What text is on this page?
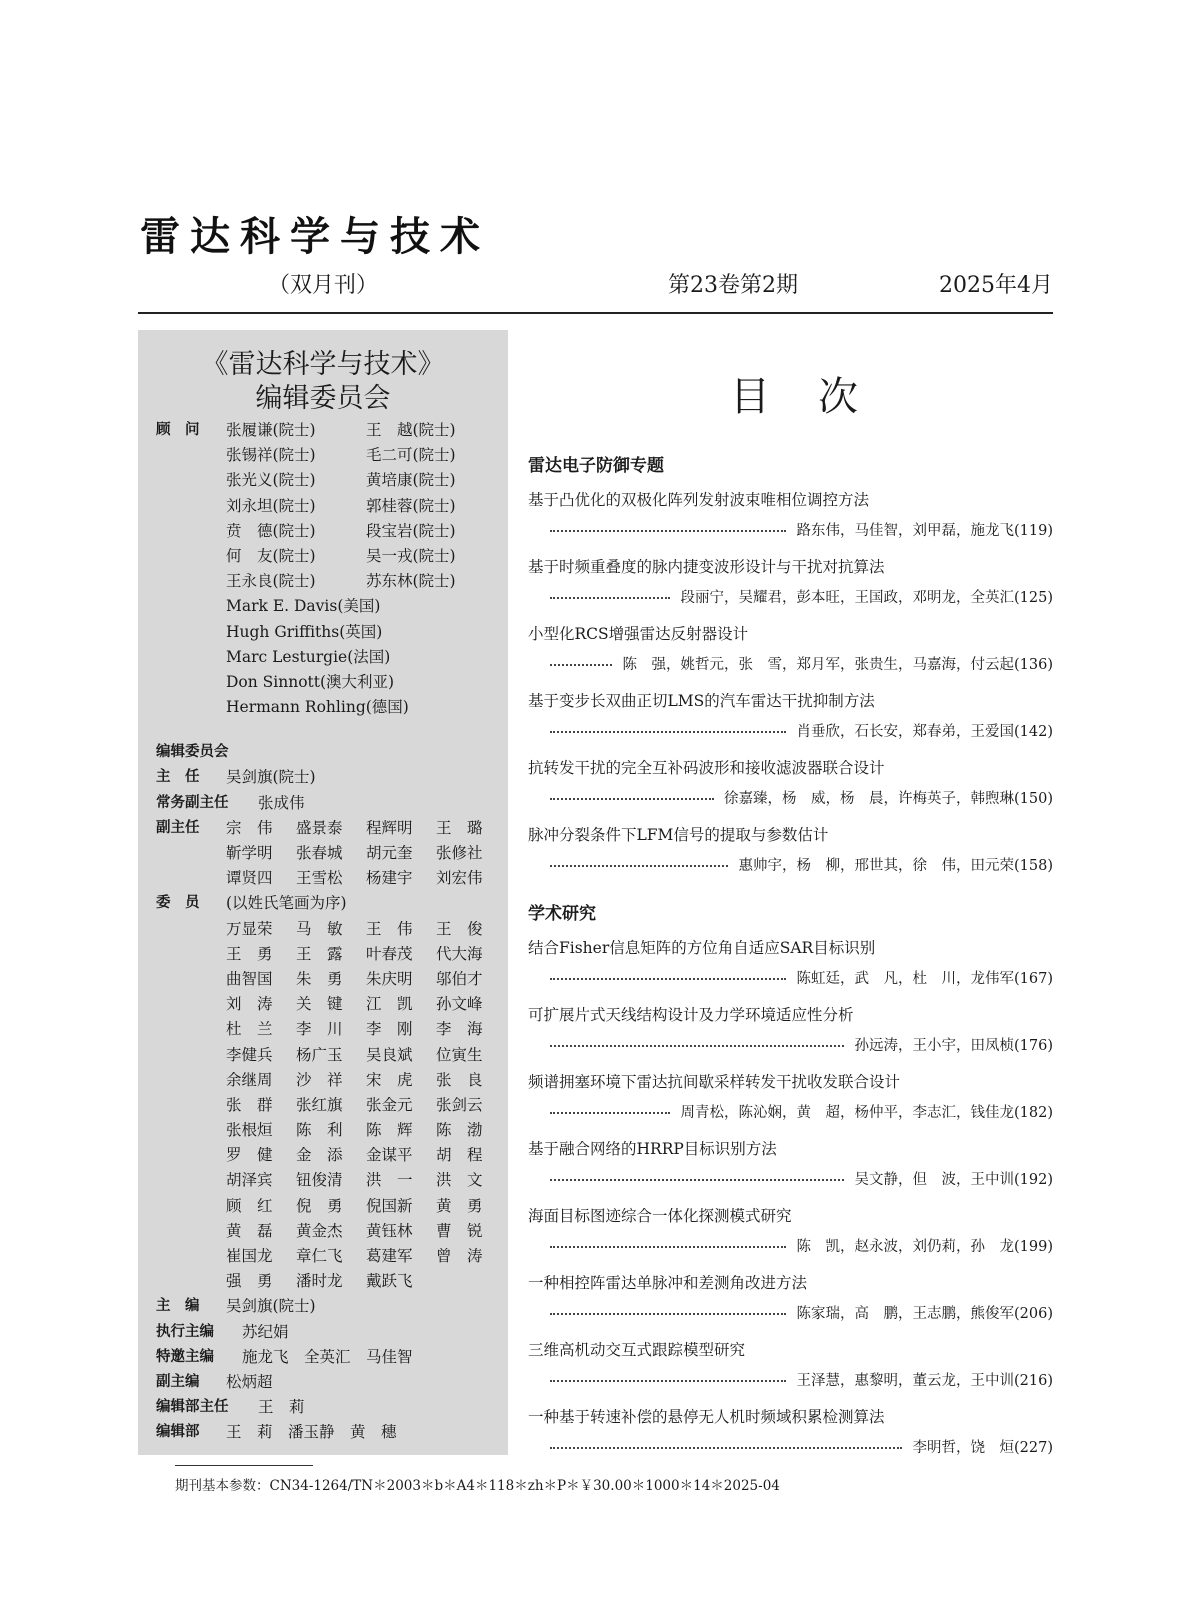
雷达科学与技术
（双月刊）	第23卷第2期	2025年4月
《雷达科学与技术》
编辑委员会
顾　问 张履谦(院士)	王　越(院士)
张锡祥(院士)	毛二可(院士)
张光义(院士)	黄培康(院士)
刘永坦(院士)	郭桂蓉(院士)
贲　德(院士)	段宝岩(院士)
何　友(院士)	吴一戎(院士)
王永良(院士)	苏东林(院士)
Mark E. Davis(美国)
Hugh Griffiths(英国)
Marc Lesturgie(法国)
Don Sinnott(澳大利亚)
Hermann Rohling(德国)
编辑委员会
主　任 吴剑旗(院士)
常务副主任 张成伟
副主任 宗　伟 盛景泰 程辉明 王　璐
靳学明 张春城 胡元奎 张修社
谭贤四 王雪松 杨建宇 刘宏伟
委　员 (以姓氏笔画为序)
万显荣 马　敏 王　伟 王　俊
王　勇 王　露 叶春茂 代大海
曲智国 朱　勇 朱庆明 邬伯才
刘　涛 关　键 江　凯 孙文峰
杜　兰 李　川 李　刚 李　海
李健兵 杨广玉 吴良斌 位寅生
余继周 沙　祥 宋　虎 张　良
张　群 张红旗 张金元 张剑云
张根烜 陈　利 陈　辉 陈　渤
罗　健 金　添 金谋平 胡　程
胡泽宾 钮俊清 洪　一 洪　文
顾　红 倪　勇 倪国新 黄　勇
黄　磊 黄金杰 黄钰林 曹　锐
崔国龙 章仁飞 葛建军 曾　涛
强　勇 潘时龙 戴跃飞
主　编 吴剑旗(院士)
执行主编 苏纪娟
特邀主编 施龙飞　全英汇　马佳智
副主编 松炳超
编辑部主任 王　莉
编辑部 王　莉　潘玉静　黄　穗
目次
雷达电子防御专题
基于凸优化的双极化阵列发射波束唯相位调控方法
路东伟，马佳智，刘甲磊，施龙飞(119)
基于时频重叠度的脉内捷变波形设计与干扰对抗算法
段丽宁，吴耀君，彭本旺，王国政，邓明龙，全英汇(125)
小型化RCS增强雷达反射器设计
陈　强，姚哲元，张　雪，郑月军，张贵生，马嘉海，付云起(136)
基于变步长双曲正切LMS的汽车雷达干扰抑制方法
肖垂欣，石长安，郑春弟，王爱国(142)
抗转发干扰的完全互补码波形和接收滤波器联合设计
徐嘉臻，杨　威，杨　晨，许梅英子，韩煦琳(150)
脉冲分裂条件下LFM信号的提取与参数估计
惠帅宇，杨　柳，邢世其，徐　伟，田元荣(158)
学术研究
结合Fisher信息矩阵的方位角自适应SAR目标识别
陈虹廷，武　凡，杜　川，龙伟军(167)
可扩展片式天线结构设计及力学环境适应性分析
孙远涛，王小宇，田凤桢(176)
频谱拥塞环境下雷达抗间歇采样转发干扰收发联合设计
周青松，陈沁娴，黄　超，杨仲平，李志汇，钱佳龙(182)
基于融合网络的HRRP目标识别方法
吴文静，但　波，王中训(192)
海面目标图迹综合一体化探测模式研究
陈　凯，赵永波，刘仍莉，孙　龙(199)
一种相控阵雷达单脉冲和差测角改进方法
陈家瑞，高　鹏，王志鹏，熊俊军(206)
三维高机动交互式跟踪模型研究
王泽慧，惠黎明，董云龙，王中训(216)
一种基于转速补偿的悬停无人机时频域积累检测算法
李明哲，饶　烜(227)
期刊基本参数：CN34-1264/TN＊2003＊b＊A4＊118＊zh＊P＊￥30.00＊1000＊14＊2025-04
